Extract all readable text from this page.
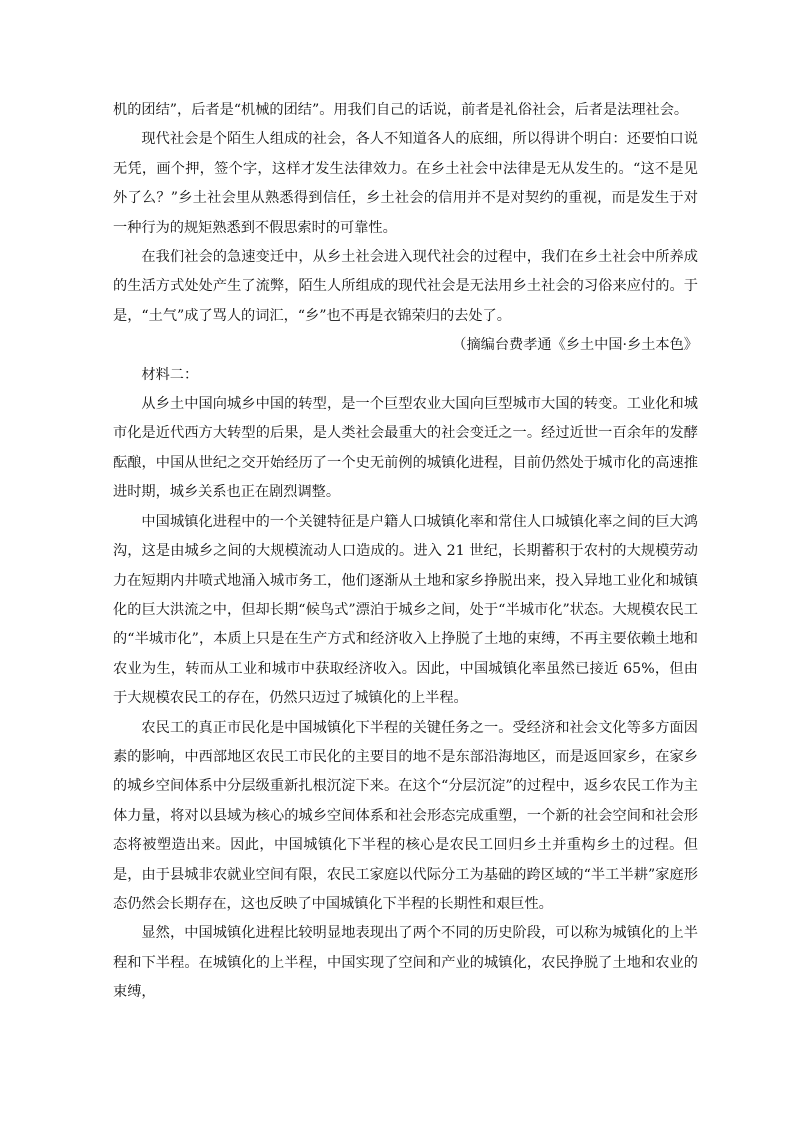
机的团结”，后者是“机械的团结”。用我们自己的话说，前者是礼俗社会，后者是法理社会。

现代社会是个陌生人组成的社会，各人不知道各人的底细，所以得讲个明白：还要怕口说无凭，画个押，签个字，这样才发生法律效力。在乡土社会中法律是无从发生的。“这不是见外了么？”乡土社会里从熟悉得到信任，乡土社会的信用并不是对契约的重视，而是发生于对一种行为的规矩熟悉到不假思索时的可靠性。

在我们社会的急速变迁中，从乡土社会进入现代社会的过程中，我们在乡土社会中所养成的生活方式处处产生了流弊，陌生人所组成的现代社会是无法用乡土社会的习俗来应付的。于是，“土气”成了骂人的词汇，“乡”也不再是衣锦荣归的去处了。

（摘编台费孝通《乡土中国·乡土本色》

材料二：

从乡土中国向城乡中国的转型，是一个巨型农业大国向巨型城市大国的转变。工业化和城市化是近代西方大转型的后果，是人类社会最重大的社会变迁之一。经过近世一百余年的发酵酝酿，中国从世纪之交开始经历了一个史无前例的城镇化进程，目前仍然处于城市化的高速推进时期，城乡关系也正在剧烈调整。

中国城镇化进程中的一个关键特征是户籍人口城镇化率和常住人口城镇化率之间的巨大鸿沟，这是由城乡之间的大规模流动人口造成的。进入 21 世纪，长期蓄积于农村的大规模劳动力在短期内井喷式地涌入城市务工，他们逐渐从土地和家乡挣脱出来，投入异地工业化和城镇化的巨大洪流之中，但却长期“候鸟式”漂泊于城乡之间，处于“半城市化”状态。大规模农民工的“半城市化”，本质上只是在生产方式和经济收入上挣脱了土地的束缚，不再主要依赖土地和农业为生，转而从工业和城市中获取经济收入。因此，中国城镇化率虽然已接近 65%，但由于大规模农民工的存在，仍然只迈过了城镇化的上半程。

农民工的真正市民化是中国城镇化下半程的关键任务之一。受经济和社会文化等多方面因素的影响，中西部地区农民工市民化的主要目的地不是东部沿海地区，而是返回家乡，在家乡的城乡空间体系中分层级重新扎根沉淀下来。在这个“分层沉淀”的过程中，返乡农民工作为主体力量，将对以县域为核心的城乡空间体系和社会形态完成重塑，一个新的社会空间和社会形态将被塑造出来。因此，中国城镇化下半程的核心是农民工回归乡土并重构乡土的过程。但是，由于县城非农就业空间有限，农民工家庭以代际分工为基础的跨区域的“半工半耕”家庭形态仍然会长期存在，这也反映了中国城镇化下半程的长期性和艰巨性。

显然，中国城镇化进程比较明显地表现出了两个不同的历史阶段，可以称为城镇化的上半程和下半程。在城镇化的上半程，中国实现了空间和产业的城镇化，农民挣脱了土地和农业的束缚，
